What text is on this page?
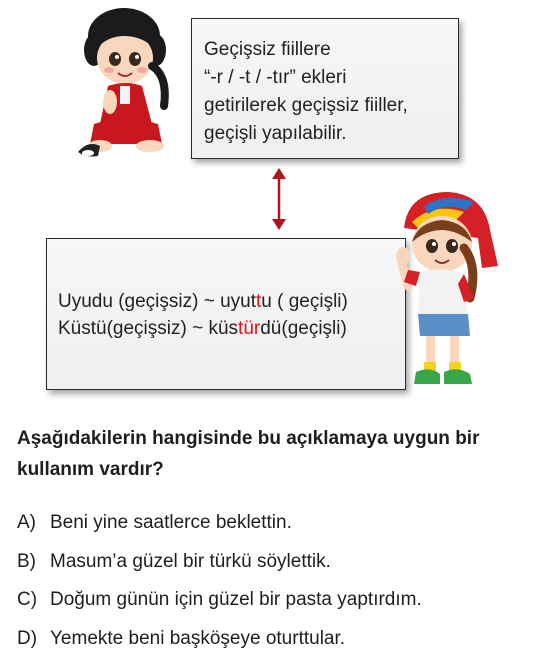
Geçişsiz fiillere
“-r / -t / -tır” ekleri
getirilerek geçişsiz fiiller,
geçişli yapılabilir.
Uyudu (geçişsiz) ~ uyuttu ( geçişli)
Küstü(geçişsiz) ~ küstürdü(geçişli)
Aşağıdakilerin hangisinde bu açıklamaya uygun bir kullanım vardır?
A) Beni yine saatlerce beklettin.
B) Masum’a güzel bir türkü söylettik.
C) Doğum günün için güzel bir pasta yaptırdım.
D) Yemekte beni başköşeye oturttular.
